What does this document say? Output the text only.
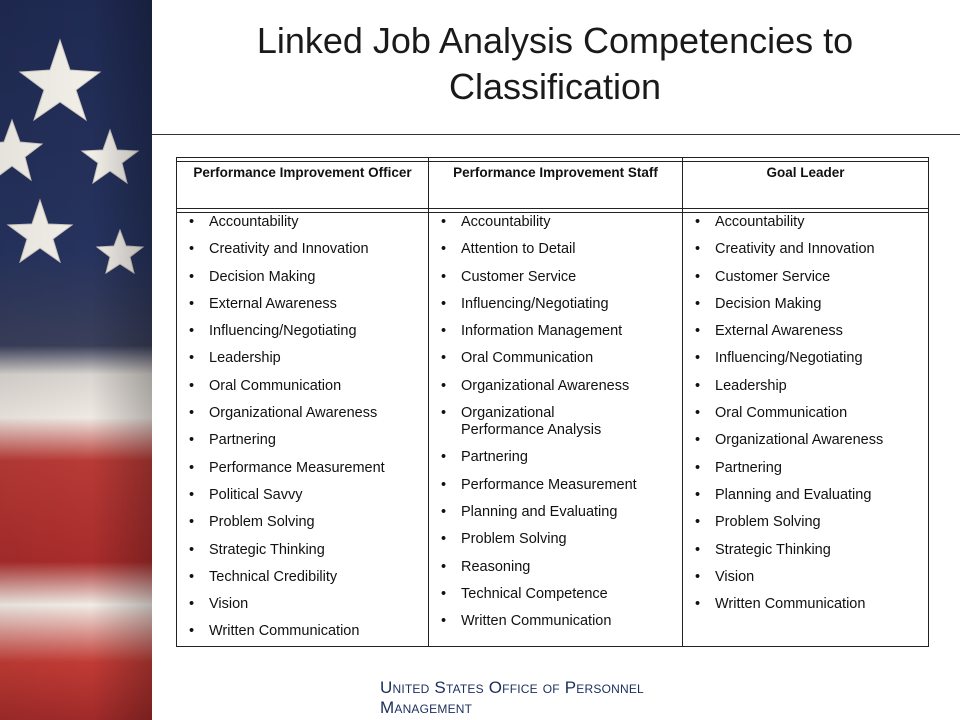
Linked Job Analysis Competencies to Classification
Performance Improvement Officer
• Accountability
• Creativity and Innovation
• Decision Making
• External Awareness
• Influencing/Negotiating
• Leadership
• Oral Communication
• Organizational Awareness
• Partnering
• Performance Measurement
• Political Savvy
• Problem Solving
• Strategic Thinking
• Technical Credibility
• Vision
• Written Communication
Performance Improvement Staff
• Accountability
• Attention to Detail
• Customer Service
• Influencing/Negotiating
• Information Management
• Oral Communication
• Organizational Awareness
• Organizational Performance Analysis
• Partnering
• Performance Measurement
• Planning and Evaluating
• Problem Solving
• Reasoning
• Technical Competence
• Written Communication
Goal Leader
• Accountability
• Creativity and Innovation
• Customer Service
• Decision Making
• External Awareness
• Influencing/Negotiating
• Leadership
• Oral Communication
• Organizational Awareness
• Partnering
• Planning and Evaluating
• Problem Solving
• Strategic Thinking
• Vision
• Written Communication
United States Office of Personnel Management
